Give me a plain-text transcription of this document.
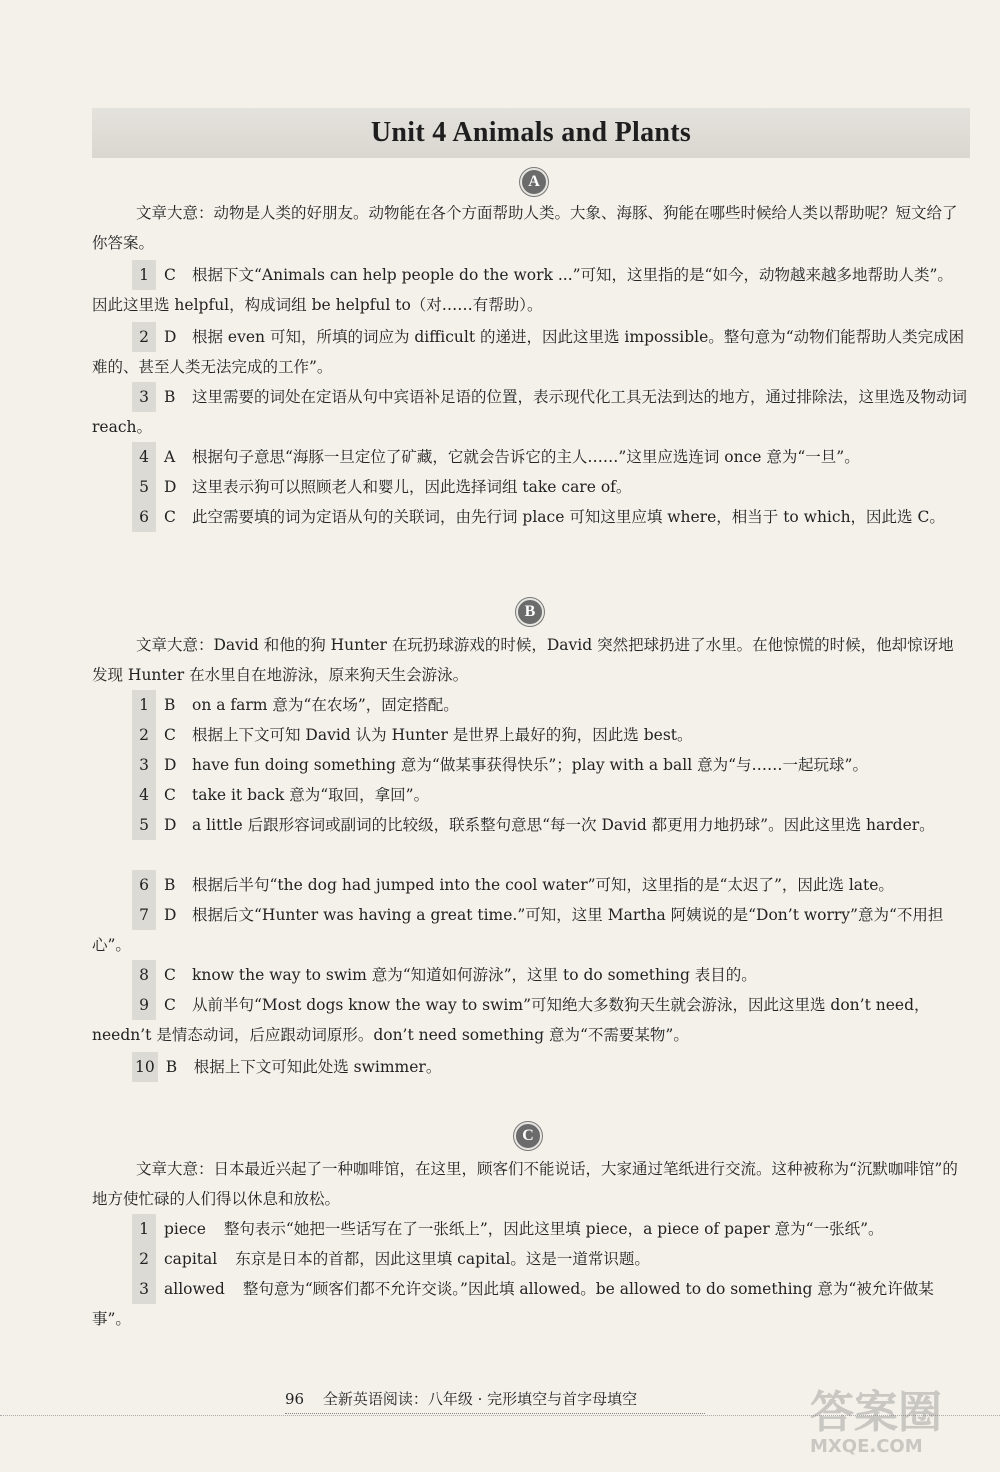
Unit 4 Animals and Plants
A

文章大意：动物是人类的好朋友。动物能在各个方面帮助人类。大象、海豚、狗能在哪些时候给人类以帮助呢？短文给了你答案。

1 C 根据下文“Animals can help people do the work ...”可知，这里指的是“如今，动物越来越多地帮助人类”。因此这里选 helpful，构成词组 be helpful to（对……有帮助）。

2 D 根据 even 可知，所填的词应为 difficult 的递进，因此这里选 impossible。整句意为“动物们能帮助人类完成困难的、甚至人类无法完成的工作”。

3 B 这里需要的词处在定语从句中宾语补足语的位置，表示现代化工具无法到达的地方，通过排除法，这里选及物动词 reach。

4 A 根据句子意思“海豚一旦定位了矿藏，它就会告诉它的主人……”这里应选连词 once 意为“一旦”。

5 D 这里表示狗可以照顾老人和婴儿，因此选择词组 take care of。

6 C 此空需要填的词为定语从句的关联词，由先行词 place 可知这里应填 where，相当于 to which，因此选 C。

B

文章大意：David 和他的狗 Hunter 在玩扔球游戏的时候，David 突然把球扔进了水里。在他惊慌的时候，他却惊讶地发现 Hunter 在水里自在地游泳，原来狗天生会游泳。

1 B on a farm 意为“在农场”，固定搭配。

2 C 根据上下文可知 David 认为 Hunter 是世界上最好的狗，因此选 best。

3 D have fun doing something 意为“做某事获得快乐”；play with a ball 意为“与……一起玩球”。

4 C take it back 意为“取回，拿回”。

5 D a little 后跟形容词或副词的比较级，联系整句意思“每一次 David 都更用力地扔球”。因此这里选 harder。

6 B 根据后半句“the dog had jumped into the cool water”可知，这里指的是“太迟了”，因此选 late。

7 D 根据后文“Hunter was having a great time.”可知，这里 Martha 阿姨说的是“Don’t worry”意为“不用担心”。

8 C know the way to swim 意为“知道如何游泳”，这里 to do something 表目的。

9 C 从前半句“Most dogs know the way to swim”可知绝大多数狗天生就会游泳，因此这里选 don’t need，needn’t 是情态动词，后应跟动词原形。don’t need something 意为“不需要某物”。

10 B 根据上下文可知此处选 swimmer。

C

文章大意：日本最近兴起了一种咖啡馆，在这里，顾客们不能说话，大家通过笔纸进行交流。这种被称为“沉默咖啡馆”的地方使忙碌的人们得以休息和放松。

1 piece 整句表示“她把一些话写在了一张纸上”，因此这里填 piece，a piece of paper 意为“一张纸”。

2 capital 东京是日本的首都，因此这里填 capital。这是一道常识题。

3 allowed 整句意为“顾客们都不允许交谈。”因此填 allowed。be allowed to do something 意为“被允许做某事”。

96 全新英语阅读：八年级 · 完形填空与首字母填空	答案圈
MXQE.COM
